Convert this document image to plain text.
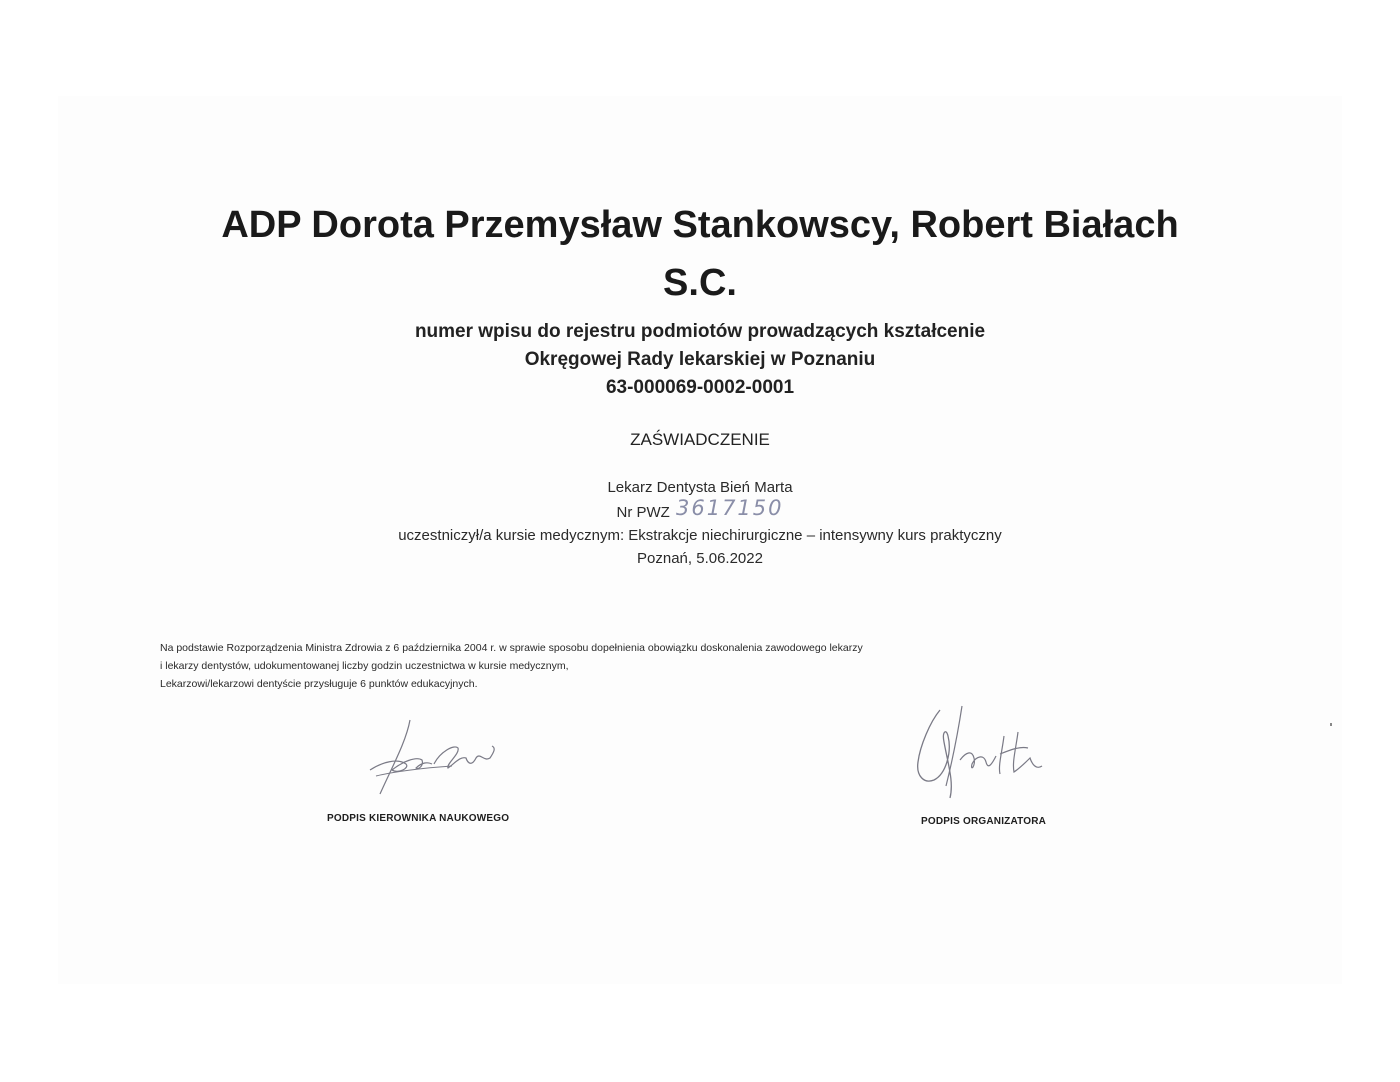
ADP Dorota Przemysław Stankowscy, Robert Białach
S.C.
numer wpisu do rejestru podmiotów prowadzących kształcenie
Okręgowej Rady lekarskiej w Poznaniu
63-000069-0002-0001
ZAŚWIADCZENIE
Lekarz Dentysta Bień Marta
Nr PWZ 3617150
uczestniczył/a kursie medycznym: Ekstrakcje niechirurgiczne – intensywny kurs praktyczny
Poznań, 5.06.2022
Na podstawie Rozporządzenia Ministra Zdrowia z 6 października 2004 r. w sprawie sposobu dopełnienia obowiązku doskonalenia zawodowego lekarzy
i lekarzy dentystów, udokumentowanej liczby godzin uczestnictwa w kursie medycznym,
Lekarzowi/lekarzowi dentyście przysługuje 6 punktów edukacyjnych.
PODPIS KIEROWNIKA NAUKOWEGO	PODPIS ORGANIZATORA
